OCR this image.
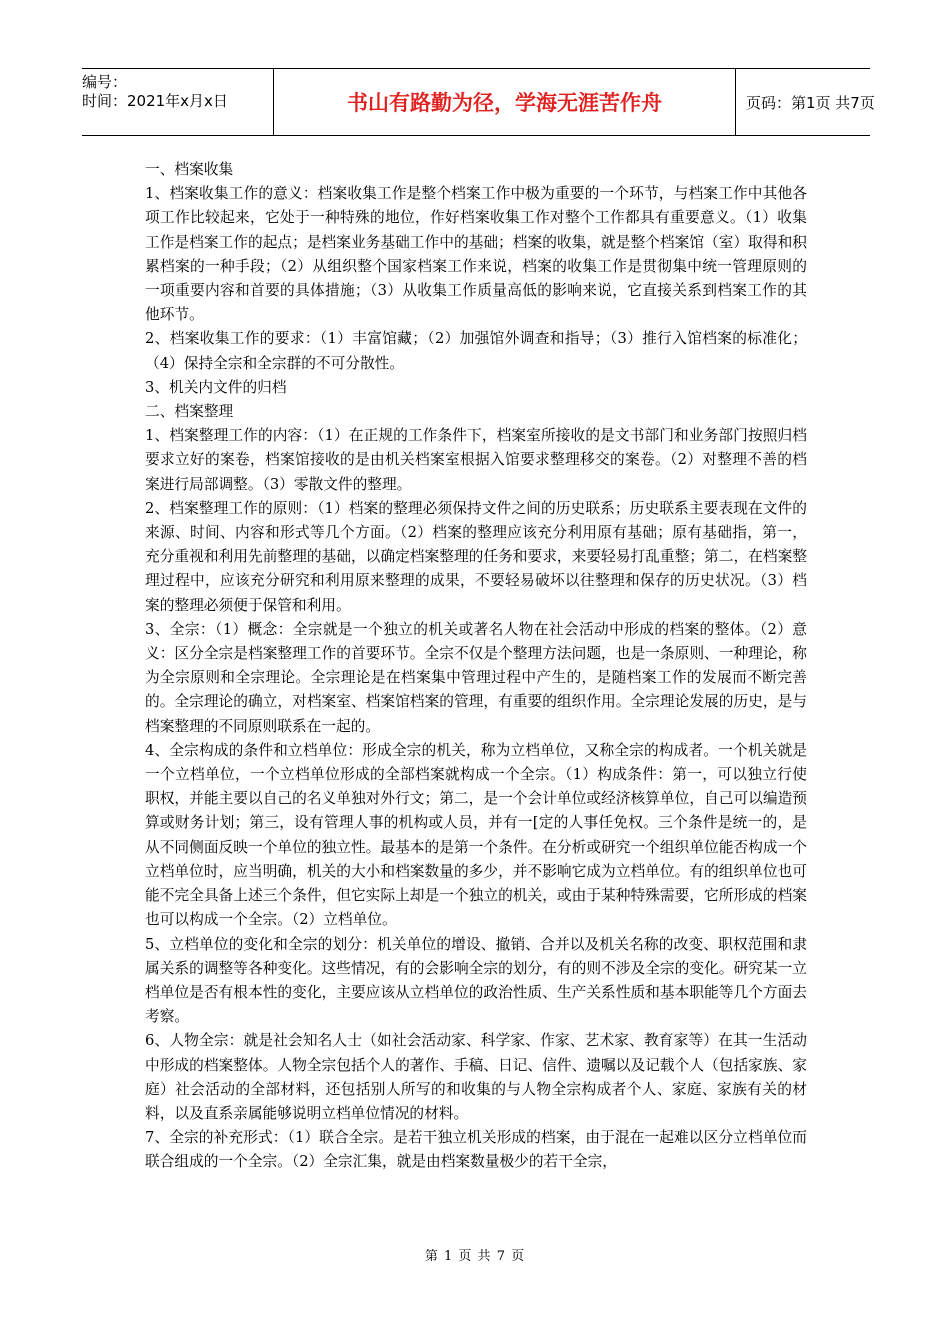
编号：
时间：2021年x月x日	书山有路勤为径，学海无涯苦作舟	页码：第1页 共7页

一、档案收集

1、档案收集工作的意义：档案收集工作是整个档案工作中极为重要的一个环节，与档案工作中其他各项工作比较起来，它处于一种特殊的地位，作好档案收集工作对整个工作都具有重要意义。（1）收集工作是档案工作的起点；是档案业务基础工作中的基础；档案的收集，就是整个档案馆（室）取得和积累档案的一种手段；（2）从组织整个国家档案工作来说，档案的收集工作是贯彻集中统一管理原则的一项重要内容和首要的具体措施；（3）从收集工作质量高低的影响来说，它直接关系到档案工作的其他环节。

2、档案收集工作的要求：（1）丰富馆藏；（2）加强馆外调查和指导；（3）推行入馆档案的标准化；（4）保持全宗和全宗群的不可分散性。

3、机关内文件的归档

二、档案整理

1、档案整理工作的内容：（1）在正规的工作条件下，档案室所接收的是文书部门和业务部门按照归档要求立好的案卷，档案馆接收的是由机关档案室根据入馆要求整理移交的案卷。（2）对整理不善的档案进行局部调整。（3）零散文件的整理。

2、档案整理工作的原则：（1）档案的整理必须保持文件之间的历史联系；历史联系主要表现在文件的来源、时间、内容和形式等几个方面。（2）档案的整理应该充分利用原有基础；原有基础指，第一，充分重视和利用先前整理的基础，以确定档案整理的任务和要求，来要轻易打乱重整；第二，在档案整理过程中，应该充分研究和利用原来整理的成果，不要轻易破坏以往整理和保存的历史状况。（3）档案的整理必须便于保管和利用。

3、全宗：（1）概念：全宗就是一个独立的机关或著名人物在社会活动中形成的档案的整体。（2）意义：区分全宗是档案整理工作的首要环节。全宗不仅是个整理方法问题，也是一条原则、一种理论，称为全宗原则和全宗理论。全宗理论是在档案集中管理过程中产生的，是随档案工作的发展而不断完善的。全宗理论的确立，对档案室、档案馆档案的管理，有重要的组织作用。全宗理论发展的历史，是与档案整理的不同原则联系在一起的。

4、全宗构成的条件和立档单位：形成全宗的机关，称为立档单位，又称全宗的构成者。一个机关就是一个立档单位，一个立档单位形成的全部档案就构成一个全宗。（1）构成条件：第一，可以独立行使职权，并能主要以自己的名义单独对外行文；第二，是一个会计单位或经济核算单位，自己可以编造预算或财务计划；第三，设有管理人事的机构或人员，并有一[定的人事任免权。三个条件是统一的，是从不同侧面反映一个单位的独立性。最基本的是第一个条件。在分析或研究一个组织单位能否构成一个立档单位时，应当明确，机关的大小和档案数量的多少，并不影响它成为立档单位。有的组织单位也可能不完全具备上述三个条件，但它实际上却是一个独立的机关，或由于某种特殊需要，它所形成的档案也可以构成一个全宗。（2）立档单位。

5、立档单位的变化和全宗的划分：机关单位的增设、撤销、合并以及机关名称的改变、职权范围和隶属关系的调整等各种变化。这些情况，有的会影响全宗的划分，有的则不涉及全宗的变化。研究某一立档单位是否有根本性的变化，主要应该从立档单位的政治性质、生产关系性质和基本职能等几个方面去考察。

6、人物全宗：就是社会知名人士（如社会活动家、科学家、作家、艺术家、教育家等）在其一生活动中形成的档案整体。人物全宗包括个人的著作、手稿、日记、信件、遗嘱以及记载个人（包括家族、家庭）社会活动的全部材料，还包括别人所写的和收集的与人物全宗构成者个人、家庭、家族有关的材料，以及直系亲属能够说明立档单位情况的材料。

7、全宗的补充形式：（1）联合全宗。是若干独立机关形成的档案，由于混在一起难以区分立档单位而联合组成的一个全宗。（2）全宗汇集，就是由档案数量极少的若干全宗，

第 1 页 共 7 页
